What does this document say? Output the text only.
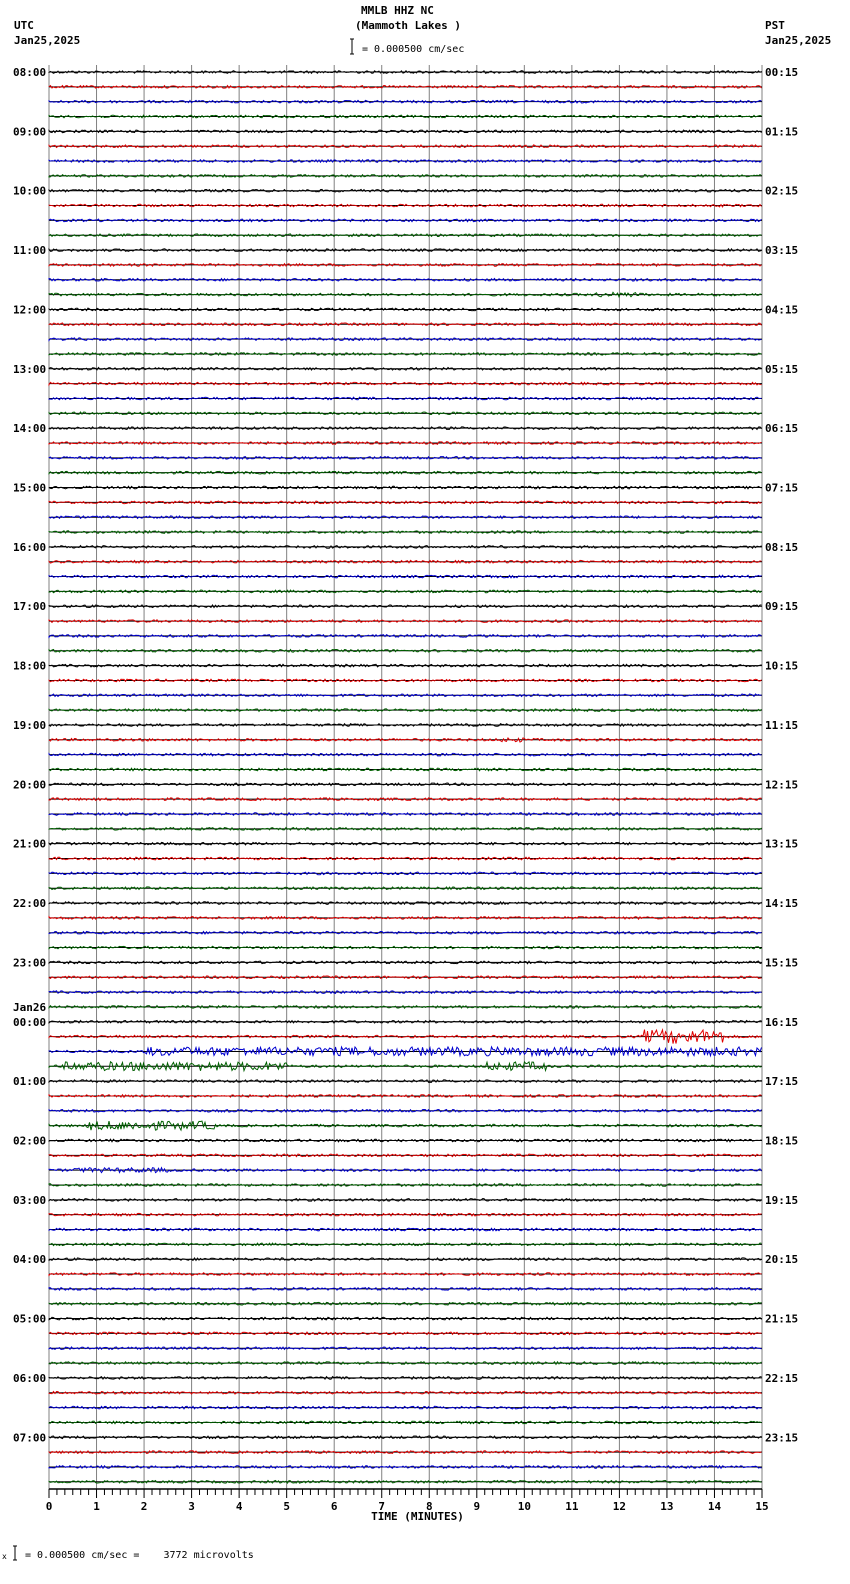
MMLB HHZ NC
(Mammoth Lakes )
UTC
Jan25,2025
PST
Jan25,2025
= 0.000500 cm/sec
x = 0.000500 cm/sec =    3772 microvolts
08:00	00:15
09:00	01:15
10:00	02:15
11:00	03:15
12:00	04:15
13:00	05:15
14:00	06:15
15:00	07:15
16:00	08:15
17:00	09:15
18:00	10:15
19:00	11:15
20:00	12:15
21:00	13:15
22:00	14:15
23:00	15:15
00:00	16:15
Jan26
01:00	17:15
02:00	18:15
03:00	19:15
04:00	20:15
05:00	21:15
06:00	22:15
07:00	23:15
0	1	2	3	4	5	6	7	8	9	10	11	12	13	14	15
TIME (MINUTES)
